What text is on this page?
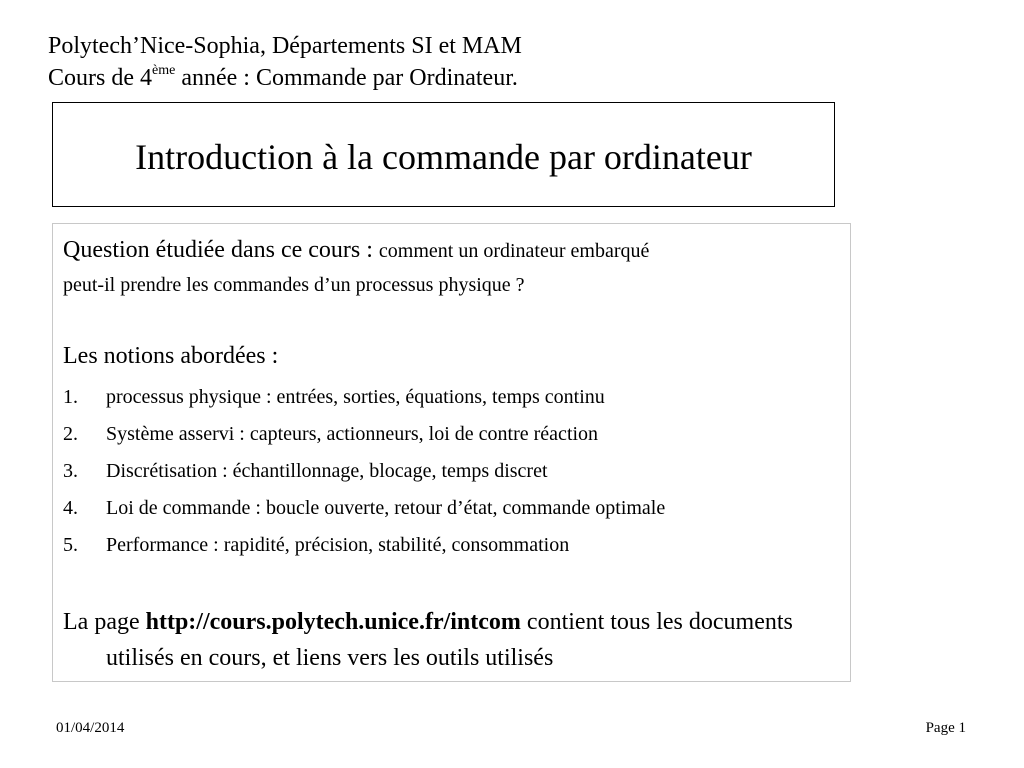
Polytech’Nice-Sophia, Départements SI et MAM
Cours de 4ème année : Commande par Ordinateur.
Introduction à la commande par ordinateur
Question étudiée dans ce cours : comment un ordinateur embarqué
peut-il prendre les commandes d’un processus physique ?
Les notions abordées :
1. processus physique : entrées, sorties, équations, temps continu
2. Système asservi : capteurs, actionneurs, loi de contre réaction
3. Discrétisation : échantillonnage, blocage, temps discret
4. Loi de commande : boucle ouverte, retour d’état, commande optimale
5. Performance : rapidité, précision, stabilité, consommation
La page http://cours.polytech.unice.fr/intcom contient tous les documents utilisés en cours, et liens vers les outils utilisés
01/04/2014	Page 1
